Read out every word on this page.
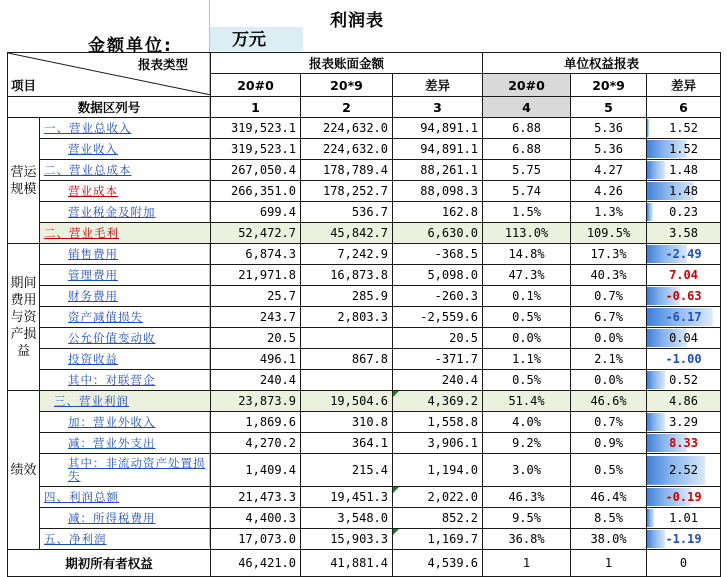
利润表
金额单位:	万元
报表类型
项目		报表账面金额			单位权益报表		
		20#0	20*9	差异	20#0	20*9	差异
数据区列号		1	2	3	4	5	6
营运规模	一、营业总收入	319,523.1	224,632.0	94,891.1	6.88	5.36	1.52
	营业收入	319,523.1	224,632.0	94,891.1	6.88	5.36	1.52
	二、营业总成本	267,050.4	178,789.4	88,261.1	5.75	4.27	1.48
	营业成本	266,351.0	178,252.7	88,098.3	5.74	4.26	1.48
	营业税金及附加	699.4	536.7	162.8	1.5%	1.3%	0.23
	二、营业毛利	52,472.7	45,842.7	6,630.0	113.0%	109.5%	3.58
期间费用与资产损益	销售费用	6,874.3	7,242.9	-368.5	14.8%	17.3%	-2.49
	管理费用	21,971.8	16,873.8	5,098.0	47.3%	40.3%	7.04
	财务费用	25.7	285.9	-260.3	0.1%	0.7%	-0.63
	资产减值损失	243.7	2,803.3	-2,559.6	0.5%	6.7%	-6.17
	公允价值变动收	20.5		20.5	0.0%	0.0%	0.04
	投资收益	496.1	867.8	-371.7	1.1%	2.1%	-1.00
	其中：对联营企	240.4		240.4	0.5%	0.0%	0.52
绩效	三、营业利润	23,873.9	19,504.6	4,369.2	51.4%	46.6%	4.86
	加：营业外收入	1,869.6	310.8	1,558.8	4.0%	0.7%	3.29
	减：营业外支出	4,270.2	364.1	3,906.1	9.2%	0.9%	8.33
	其中：非流动资产处置损失	1,409.4	215.4	1,194.0	3.0%	0.5%	2.52
	四、利润总额	21,473.3	19,451.3	2,022.0	46.3%	46.4%	-0.19
	减：所得税费用	4,400.3	3,548.0	852.2	9.5%	8.5%	1.01
	五、净利润	17,073.0	15,903.3	1,169.7	36.8%	38.0%	-1.19
期初所有者权益		46,421.0	41,881.4	4,539.6	1	1	0
